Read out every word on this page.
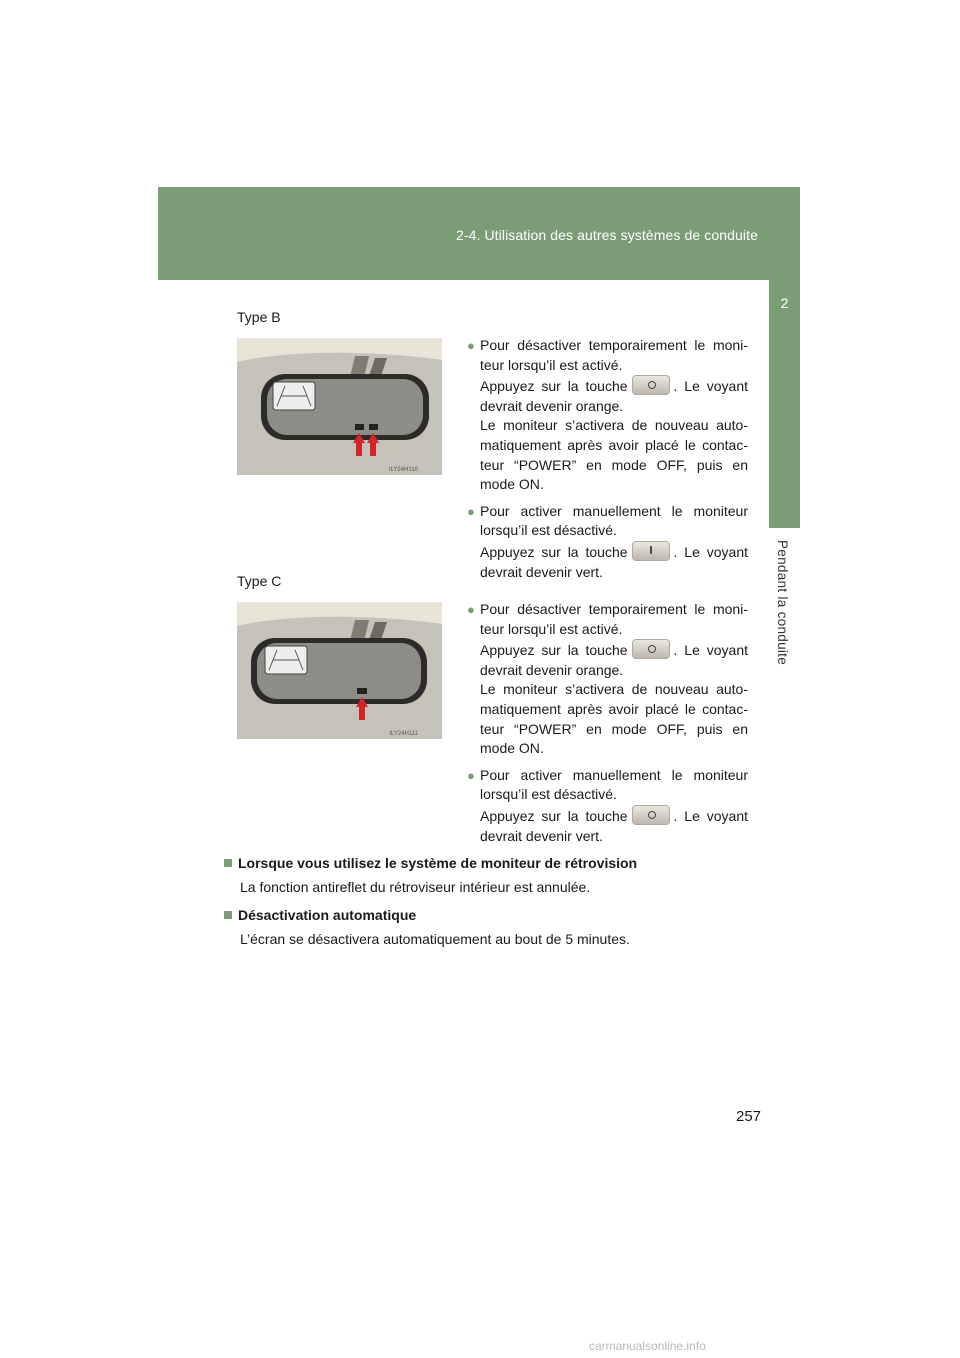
2-4. Utilisation des autres systèmes de conduite
2
Pendant la conduite
Type B
ILY24H110
● Pour désactiver temporairement le moni-teur lorsqu’il est activé.
Appuyez sur la touche	. Le voyant devrait devenir orange.
Le moniteur s’activera de nouveau auto-matiquement après avoir placé le contac-teur “POWER” en mode OFF, puis en mode ON.
● Pour activer manuellement le moniteur lorsqu’il est désactivé.
Appuyez sur la touche	. Le voyant devrait devenir vert.
Type C
ILY24H111
● Pour désactiver temporairement le moni-teur lorsqu’il est activé.
Appuyez sur la touche	. Le voyant devrait devenir orange.
Le moniteur s’activera de nouveau auto-matiquement après avoir placé le contac-teur “POWER” en mode OFF, puis en mode ON.
● Pour activer manuellement le moniteur lorsqu’il est désactivé.
Appuyez sur la touche	. Le voyant devrait devenir vert.
Lorsque vous utilisez le système de moniteur de rétrovision
La fonction antireflet du rétroviseur intérieur est annulée.
Désactivation automatique
L’écran se désactivera automatiquement au bout de 5 minutes.
257
carmanualsonline.info
